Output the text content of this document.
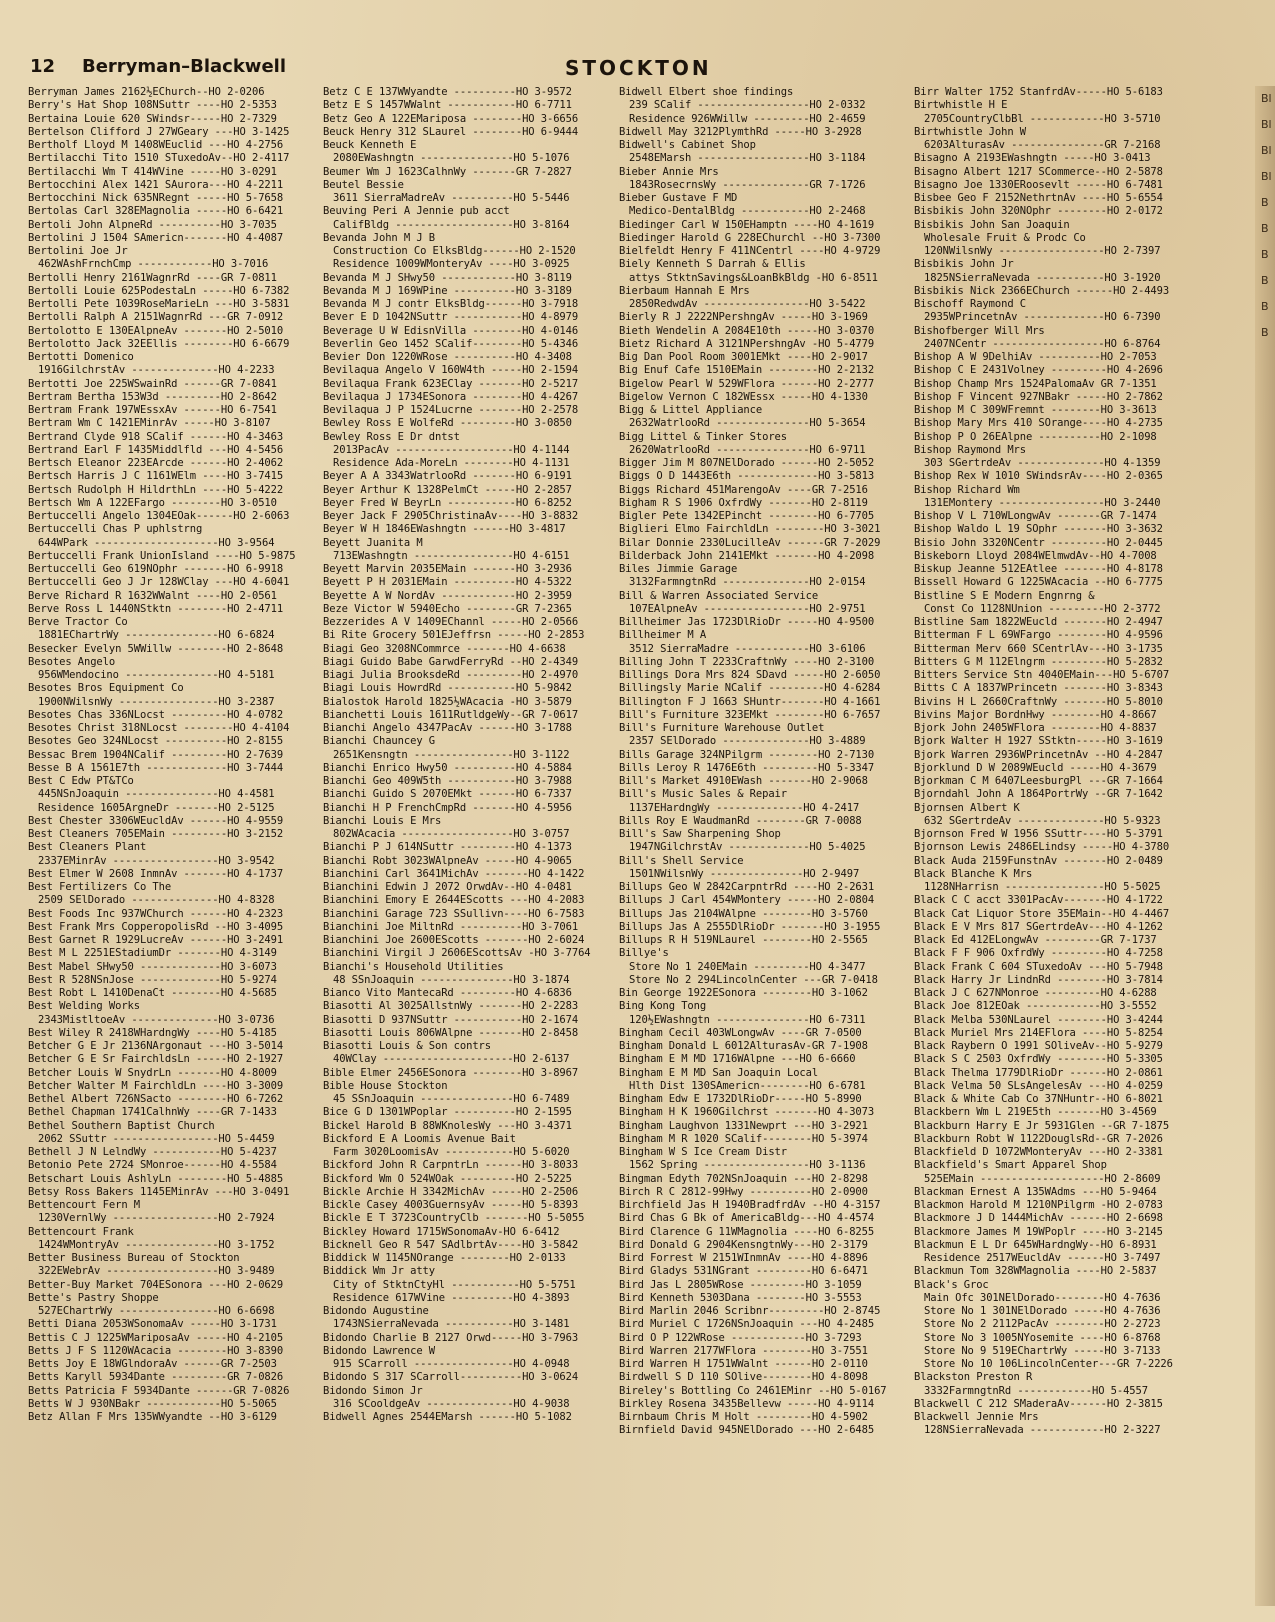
12 Berryman–Blackwell	STOCKTON
Berryman James 2162½EChurch--HO 2-0206
Berry's Hat Shop 108NSuttr ----HO 2-5353
Bertaina Louie 620 SWindsr-----HO 2-7329
Bertelson Clifford J 27WGeary ---HO 3-1425
Bertholf Lloyd M 1408WEuclid ---HO 4-2756
Bertilacchi Tito 1510 STuxedoAv--HO 2-4117
Bertilacchi Wm T 414WVine -----HO 3-0291
Bertocchini Alex 1421 SAurora---HO 4-2211
Bertocchini Nick 635NRegnt -----HO 5-7658
Bertolas Carl 328EMagnolia -----HO 6-6421
Bertoli John AlpneRd ----------HO 3-7035
Bertolini J 1504 SAmericn-------HO 4-4087
Bertolini Joe Jr
462WAshFrnchCmp ------------HO 3-7016
Bertolli Henry 2161WagnrRd ----GR 7-0811
Bertolli Louie 625PodestaLn -----HO 6-7382
Bertolli Pete 1039RoseMarieLn ---HO 3-5831
Bertolli Ralph A 2151WagnrRd ---GR 7-0912
Bertolotto E 130EAlpneAv -------HO 2-5010
Bertolotto Jack 32EEllis --------HO 6-6679
Bertotti Domenico
1916GilchrstAv --------------HO 4-2233
Bertotti Joe 225WSwainRd ------GR 7-0841
Bertram Bertha 153W3d ---------HO 2-8642
Bertram Frank 197WEssxAv ------HO 6-7541
Bertram Wm C 1421EMinrAv -----HO 3-8107
Bertrand Clyde 918 SCalif ------HO 4-3463
Bertrand Earl F 1435Middlfld ---HO 4-5456
Bertsch Eleanor 223EArcde ------HO 2-4062
Bertsch Harris J C 1161WElm ----HO 3-7415
Bertsch Rudolph H HildrthLn ----HO 5-4222
Bertsch Wm A 122EFargo --------HO 3-0510
Bertuccelli Angelo 1304EOak------HO 2-6063
Bertuccelli Chas P uphlstrng
644WPark --------------------HO 3-9564
Bertuccelli Frank UnionIsland ----HO 5-9875
Bertuccelli Geo 619NOphr -------HO 6-9918
Bertuccelli Geo J Jr 128WClay ---HO 4-6041
Berve Richard R 1632WWalnt ----HO 2-0561
Berve Ross L 1440NStktn --------HO 2-4711
Berve Tractor Co
1881EChartrWy ---------------HO 6-6824
Besecker Evelyn 5WWillw --------HO 2-8648
Besotes Angelo
956WMendocino ---------------HO 4-5181
Besotes Bros Equipment Co
1900NWilsnWy ----------------HO 3-2387
Besotes Chas 336NLocst ---------HO 4-0782
Besotes Christ 318NLocst --------HO 4-4104
Besotes Geo 324NLocst ----------HO 2-8155
Bessac Brem 1904NCalif ---------HO 2-7639
Besse B A 1561E7th -------------HO 3-7444
Best C Edw PT&TCo
445NSnJoaquin ---------------HO 4-4581
Residence 1605ArgneDr -------HO 2-5125
Best Chester 3306WEucldAv ------HO 4-9559
Best Cleaners 705EMain ---------HO 3-2152
Best Cleaners Plant
2337EMinrAv -----------------HO 3-9542
Best Elmer W 2608 InmnAv -------HO 4-1737
Best Fertilizers Co The
2509 SElDorado --------------HO 4-8328
Best Foods Inc 937WChurch ------HO 4-2323
Best Frank Mrs CopperopolisRd --HO 3-4095
Best Garnet R 1929LucreAv ------HO 3-2491
Best M L 2251EStadiumDr -------HO 4-3149
Best Mabel SHwy50 -------------HO 3-6073
Best R 528NSnJose -------------HO 5-9274
Best Robt L 1410DenaCt --------HO 4-5685
Best Welding Works
2343MistltoeAv --------------HO 3-0736
Best Wiley R 2418WHardngWy ----HO 5-4185
Betcher G E Jr 2136NArgonaut ---HO 3-5014
Betcher G E Sr FairchldsLn -----HO 2-1927
Betcher Louis W SnydrLn -------HO 4-8009
Betcher Walter M FairchldLn ----HO 3-3009
Bethel Albert 726NSacto --------HO 6-7262
Bethel Chapman 1741CalhnWy ----GR 7-1433
Bethel Southern Baptist Church
2062 SSuttr -----------------HO 5-4459
Bethell J N LelndWy -----------HO 5-4237
Betonio Pete 2724 SMonroe------HO 4-5584
Betschart Louis AshlyLn --------HO 5-4885
Betsy Ross Bakers 1145EMinrAv ---HO 3-0491
Bettencourt Fern M
1230VernlWy -----------------HO 2-7924
Bettencourt Frank
1424WMontryAv ---------------HO 3-1752
Better Business Bureau of Stockton
322EWebrAv ------------------HO 3-9489
Better-Buy Market 704ESonora ---HO 2-0629
Bette's Pastry Shoppe
527EChartrWy ----------------HO 6-6698
Betti Diana 2053WSonomaAv -----HO 3-1731
Bettis C J 1225WMariposaAv -----HO 4-2105
Betts J F S 1120WAcacia --------HO 3-8390
Betts Joy E 18WGlndoraAv ------GR 7-2503
Betts Karyll 5934Dante ---------GR 7-0826
Betts Patricia F 5934Dante ------GR 7-0826
Betts W J 930NBakr ------------HO 5-5065
Betz Allan F Mrs 135WWyandte --HO 3-6129
Betz C E 137WWyandte ----------HO 3-9572
Betz E S 1457WWalnt -----------HO 6-7711
Betz Geo A 122EMariposa --------HO 3-6656
Beuck Henry 312 SLaurel --------HO 6-9444
Beuck Kenneth E
2080EWashngtn ---------------HO 5-1076
Beumer Wm J 1623CalhnWy -------GR 7-2827
Beutel Bessie
3611 SierraMadreAv ----------HO 5-5446
Beuving Peri A Jennie pub acct
CalifBldg -------------------HO 3-8164
Bevanda John M J B
Construction Co ElksBldg------HO 2-1520
Residence 1009WMonteryAv ----HO 3-0925
Bevanda M J SHwy50 ------------HO 3-8119
Bevanda M J 169WPine ----------HO 3-3189
Bevanda M J contr ElksBldg------HO 3-7918
Bever E D 1042NSuttr -----------HO 4-8979
Beverage U W EdisnVilla --------HO 4-0146
Beverlin Geo 1452 SCalif--------HO 5-4346
Bevier Don 1220WRose ----------HO 4-3408
Bevilaqua Angelo V 160W4th -----HO 2-1594
Bevilaqua Frank 623EClay -------HO 2-5217
Bevilaqua J 1734ESonora --------HO 4-4267
Bevilaqua J P 1524Lucrne -------HO 2-2578
Bewley Ross E WolfeRd ---------HO 3-0850
Bewley Ross E Dr dntst
2013PacAv -------------------HO 4-1144
Residence Ada-MoreLn --------HO 4-1131
Beyer A A 3343WatrlooRd -------HO 6-9191
Beyer Arthur K 1328PelmCt -----HO 2-2857
Beyer Fred W BeyrLn -----------HO 6-8252
Beyer Jack F 2905ChristinaAv----HO 3-8832
Beyer W H 1846EWashngtn ------HO 3-4817
Beyett Juanita M
713EWashngtn ----------------HO 4-6151
Beyett Marvin 2035EMain -------HO 3-2936
Beyett P H 2031EMain ----------HO 4-5322
Beyette A W NordAv ------------HO 2-3959
Beze Victor W 5940Echo --------GR 7-2365
Bezzerides A V 1409EChannl -----HO 2-0566
Bi Rite Grocery 501EJeffrsn -----HO 2-2853
Biagi Geo 3208NCommrce -------HO 4-6638
Biagi Guido Babe GarwdFerryRd --HO 2-4349
Biagi Julia BrooksdeRd ---------HO 2-4970
Biagi Louis HowrdRd -----------HO 5-9842
Bialostok Harold 1825½WAcacia -HO 3-5879
Bianchetti Louis 1611RutldgeWy--GR 7-0617
Bianchi Angelo 4347PacAv ------HO 3-1788
Bianchi Chauncey G
2651Kensngtn ----------------HO 3-1122
Bianchi Enrico Hwy50 ----------HO 4-5884
Bianchi Geo 409W5th -----------HO 3-7988
Bianchi Guido S 2070EMkt ------HO 6-7337
Bianchi H P FrenchCmpRd -------HO 4-5956
Bianchi Louis E Mrs
802WAcacia ------------------HO 3-0757
Bianchi P J 614NSuttr ---------HO 4-1373
Bianchi Robt 3023WAlpneAv -----HO 4-9065
Bianchini Carl 3641MichAv -------HO 4-1422
Bianchini Edwin J 2072 OrwdAv--HO 4-0481
Bianchini Emory E 2644EScotts ---HO 4-2083
Bianchini Garage 723 SSullivn----HO 6-7583
Bianchini Joe MiltnRd ----------HO 3-7061
Bianchini Joe 2600EScotts -------HO 2-6024
Bianchini Virgil J 2606EScottsAv -HO 3-7764
Bianchi's Household Utilities
48 SSnJoaquin ---------------HO 3-1874
Bianco Vito ManteсaRd ---------HO 4-6836
Biasotti Al 3025AllstnWy -------HO 2-2283
Biasotti D 937NSuttr -----------HO 2-1674
Biasotti Louis 806WAlpne -------HO 2-8458
Biasotti Louis & Son contrs
40WClay ---------------------HO 2-6137
Bible Elmer 2456ESonora --------HO 3-8967
Bible House Stockton
45 SSnJoaquin ---------------HO 6-7489
Bice G D 1301WPoplar ----------HO 2-1595
Bickel Harold B 88WKnolesWy ---HO 3-4371
Bickford E A Loomis Avenue Bait
Farm 3020LoomisAv -----------HO 5-6020
Bickford John R CarpntrLn ------HO 3-8033
Bickford Wm O 524WOak ---------HO 2-5225
Bickle Archie H 3342MichAv -----HO 2-2506
Bickle Casey 4003GuernsyAv -----HO 5-8393
Bickle E T 3723CountryClb -------HO 5-5055
Bickley Howard 1715WSonomaAv-HO 6-6412
Bicknell Geo R 547 SAdlbrtAv----HO 3-5842
Biddick W 1145NOrange --------HO 2-0133
Biddick Wm Jr atty
City of StktnCtyHl -----------HO 5-5751
Residence 617WVine ----------HO 4-3893
Bidondo Augustine
1743NSierraNevada -----------HO 3-1481
Bidondo Charlie B 2127 Orwd-----HO 3-7963
Bidondo Lawrence W
915 SCarroll ----------------HO 4-0948
Bidondo S 317 SCarroll----------HO 3-0624
Bidondo Simon Jr
316 SCooldgeAv --------------HO 4-9038
Bidwell Agnes 2544EMarsh ------HO 5-1082
Bidwell Elbert shoe findings
239 SCalif ------------------HO 2-0332
Residence 926WWillw ---------HO 2-4659
Bidwell May 3212PlymthRd -----HO 3-2928
Bidwell's Cabinet Shop
2548EMarsh ------------------HO 3-1184
Bieber Annie Mrs
1843RosecrnsWy --------------GR 7-1726
Bieber Gustave F MD
Medico-DentalBldg -----------HO 2-2468
Biedinger Carl W 150EHamptn ----HO 4-1619
Biedinger Harold G 228EChurchl --HO 3-7300
Bielfeldt Henry F 411NCentrl ----HO 4-9729
Biely Kenneth S Darrah & Ellis
attys StktnSavings&LoanBkBldg -HO 6-8511
Bierbaum Hannah E Mrs
2850RedwdAv -----------------HO 3-5422
Bierly R J 2222NPershngAv -----HO 3-1969
Bieth Wendelin A 2084E10th -----HO 3-0370
Bietz Richard A 3121NPershngAv -HO 5-4779
Big Dan Pool Room 3001EMkt ----HO 2-9017
Big Enuf Cafe 1510EMain --------HO 2-2132
Bigelow Pearl W 529WFlora ------HO 2-2777
Bigelow Vernon C 182WEssx -----HO 4-1330
Bigg & Littel Appliance
2632WatrlooRd ---------------HO 5-3654
Bigg Littel & Tinker Stores
2620WatrlooRd ---------------HO 6-9711
Bigger Jim M 807NElDorado ------HO 2-5052
Biggs O D 1443E6th -------------HO 3-5813
Biggs Richard 451MarengoAv ----GR 7-2516
Bigham R S 1906 OxfrdWy -------HO 2-8119
Bigler Pete 1342EPincht --------HO 6-7705
Biglieri Elmo FairchldLn --------HO 3-3021
Bilar Donnie 2330LucilleAv ------GR 7-2029
Bilderback John 2141EMkt -------HO 4-2098
Biles Jimmie Garage
3132FarmngtnRd --------------HO 2-0154
Bill & Warren Associated Service
107EAlpneAv -----------------HO 2-9751
Billheimer Jas 1723DlRioDr -----HO 4-9500
Billheimer M A
3512 SierraMadre ------------HO 3-6106
Billing John T 2233CraftnWy ----HO 2-3100
Billings Dora Mrs 824 SDavd -----HO 2-6050
Billingsly Marie NCalif ---------HO 4-6284
Billington F J 1663 SHuntr-------HO 4-1661
Bill's Furniture 323EMkt --------HO 6-7657
Bill's Furniture Warehouse Outlet
2357 SElDorado --------------HO 3-4889
Bills Garage 324NPilgrm --------HO 2-7130
Bills Leroy R 1476E6th ---------HO 5-3347
Bill's Market 4910EWash -------HO 2-9068
Bill's Music Sales & Repair
1137EHardngWy --------------HO 4-2417
Bills Roy E WaudmanRd --------GR 7-0088
Bill's Saw Sharpening Shop
1947NGilchrstAv -------------HO 5-4025
Bill's Shell Service
1501NWilsnWy ---------------HO 2-9497
Billups Geo W 2842CarpntrRd ----HO 2-2631
Billups J Carl 454WMontery -----HO 2-0804
Billups Jas 2104WAlpne --------HO 3-5760
Billups Jas A 2555DlRioDr -------HO 3-1955
Billups R H 519NLaurel --------HO 2-5565
Billye's
Store No 1 240EMain ---------HO 4-3477
Store No 2 294LincolnCenter ---GR 7-0418
Bin George 1922ESonora --------HO 3-1062
Bing Kong Tong
120½EWashngtn ---------------HO 6-7311
Bingham Cecil 403WLongwAv ----GR 7-0500
Bingham Donald L 6012AlturasAv-GR 7-1908
Bingham E M MD 1716WAlpne ---HO 6-6660
Bingham E M MD San Joaquin Local
Hlth Dist 130SAmericn--------HO 6-6781
Bingham Edw E 1732DlRioDr-----HO 5-8990
Bingham H K 1960Gilchrst -------HO 4-3073
Bingham Laughvon 1331Newprt ---HO 3-2921
Bingham M R 1020 SCalif--------HO 5-3974
Bingham W S Ice Cream Distr
1562 Spring -----------------HO 3-1136
Bingman Edyth 702NSnJoaquin ---HO 2-8298
Birch R C 2812-99Hwy ----------HO 2-0900
Birchfield Jas H 1940BradfrdAv --HO 4-3157
Bird Chas G Bk of AmericaBldg---HO 4-4574
Bird Clarence G 11WMagnolia ----HO 6-8255
Bird Donald G 2904KensngtnWy---HO 2-3179
Bird Forrest W 2151WInmnAv ----HO 4-8896
Bird Gladys 531NGrant ---------HO 6-6471
Bird Jas L 2805WRose ---------HO 3-1059
Bird Kenneth 5303Dana --------HO 3-5553
Bird Marlin 2046 Scribnr---------HO 2-8745
Bird Muriel C 1726NSnJoaquin ---HO 4-2485
Bird O P 122WRose ------------HO 3-7293
Bird Warren 2177WFlora --------HO 3-7551
Bird Warren H 1751WWalnt ------HO 2-0110
Birdwell S D 110 SOlive--------HO 4-8098
Bireley's Bottling Co 2461EMinr --HO 5-0167
Birkley Rosena 3435Bellevw -----HO 4-9114
Birnbaum Chris M Holt ---------HO 4-5902
Birnfield David 945NElDorado ---HO 2-6485
Birr Walter 1752 StanfrdAv-----HO 5-6183
Birtwhistle H E
2705CountryClbBl ------------HO 3-5710
Birtwhistle John W
6203AlturasAv ---------------GR 7-2168
Bisagno A 2193EWashngtn -----HO 3-0413
Bisagno Albert 1217 SCommerce--HO 2-5878
Bisagno Joe 1330ERoosevlt -----HO 6-7481
Bisbee Geo F 2152NethrtnAv ----HO 5-6554
Bisbikis John 320NOphr --------HO 2-0172
Bisbikis John San Joaquin
Wholesale Fruit & Prodc Co
120NWilsnWy -----------------HO 2-7397
Bisbikis John Jr
1825NSierraNevada -----------HO 3-1920
Bisbikis Nick 2366EChurch ------HO 2-4493
Bischoff Raymond C
2935WPrincetnAv -------------HO 6-7390
Bishofberger Will Mrs
2407NCentr ------------------HO 6-8764
Bishop A W 9DelhiAv ----------HO 2-7053
Bishop C E 2431Volney ---------HO 4-2696
Bishop Champ Mrs 1524PalomaAv GR 7-1351
Bishop F Vincent 927NBakr -----HO 2-7862
Bishop M C 309WFremnt --------HO 3-3613
Bishop Mary Mrs 410 SOrange----HO 4-2735
Bishop P O 26EAlpne ----------HO 2-1098
Bishop Raymond Mrs
303 SGertrdeAv --------------HO 4-1359
Bishop Rex W 1010 SWindsrAv----HO 2-0365
Bishop Richard Wm
131EMontery -----------------HO 3-2440
Bishop V L 710WLongwAv -------GR 7-1474
Bishop Waldo L 19 SOphr -------HO 3-3632
Bisio John 3320NCentr ---------HO 2-0445
Biskeborn Lloyd 2084WElmwdAv--HO 4-7008
Biskup Jeanne 512EAtlee -------HO 4-8178
Bissell Howard G 1225WAcacia --HO 6-7775
Bistline S E Modern Engnrng &
Const Co 1128NUnion ---------HO 2-3772
Bistline Sam 1822WEucld -------HO 2-4947
Bitterman F L 69WFargo --------HO 4-9596
Bitterman Merv 660 SCentrlAv---HO 3-1735
Bitters G M 112Elngrm ---------HO 5-2832
Bitters Service Stn 4040EMain---HO 5-6707
Bitts C A 1837WPrincetn -------HO 3-8343
Bivins H L 2660CraftnWy -------HO 5-8010
Bivins Major BordnHwy --------HO 4-8667
Bjork John 2405WFlora --------HO 4-8837
Bjork Walter H 1927 SStktn-----HO 3-1619
Bjork Warren 2936WPrincetnAv --HO 4-2847
Bjorklund D W 2089WEucld -----HO 4-3679
Bjorkman C M 6407LeesburgPl ---GR 7-1664
Bjorndahl John A 1864PortrWy --GR 7-1642
Bjornsen Albert K
632 SGertrdeAv --------------HO 5-9323
Bjornson Fred W 1956 SSuttr----HO 5-3791
Bjornson Lewis 2486ELindsy -----HO 4-3780
Black Auda 2159FunstnAv -------HO 2-0489
Black Blanche K Mrs
1128NHarrisn ----------------HO 5-5025
Black C C acct 3301PacAv-------HO 4-1722
Black Cat Liquor Store 35EMain--HO 4-4467
Black E V Mrs 817 SGertrdeAv---HO 4-1262
Black Ed 412ELongwAv ---------GR 7-1737
Black F F 906 OxfrdWy ---------HO 4-7258
Black Frank C 604 STuxedoAv ---HO 5-7948
Black Harry Jr LindnRd --------HO 3-7814
Black J C 627NMonroe ---------HO 4-6288
Black Joe 812EOak ------------HO 3-5552
Black Melba 530NLaurel --------HO 3-4244
Black Muriel Mrs 214EFlora ----HO 5-8254
Black Raybern O 1991 SOliveAv--HO 5-9279
Black S C 2503 OxfrdWy --------HO 5-3305
Black Thelma 1779DlRioDr ------HO 2-0861
Black Velma 50 SLsAngelesAv ---HO 4-0259
Black & White Cab Co 37NHuntr--HO 6-8021
Blackbern Wm L 219E5th -------HO 3-4569
Blackburn Harry E Jr 5931Glen --GR 7-1875
Blackburn Robt W 1122DouglsRd--GR 7-2026
Blackfield D 1072WMonteryAv ---HO 2-3381
Blackfield's Smart Apparel Shop
525EMain --------------------HO 2-8609
Blackman Ernest A 135WAdms ---HO 5-9464
Blackmon Harold M 1210NPilgrm -HO 2-0783
Blackmore J D 1444MichAv ------HO 2-6698
Blackmore James M 19WPoplr ----HO 3-2145
Blackmun E L Dr 645WHardngWy--HO 6-8931
Residence 2517WEucldAv ------HO 3-7497
Blackmun Tom 328WMagnolia ----HO 2-5837
Black's Groc
Main Ofc 301NElDorado--------HO 4-7636
Store No 1 301NElDorado -----HO 4-7636
Store No 2 2112PacAv --------HO 2-2723
Store No 3 1005NYosemite ----HO 6-8768
Store No 9 519EChartrWy -----HO 3-7133
Store No 10 106LincolnCenter---GR 7-2226
Blackston Preston R
3332FarmngtnRd ------------HO 5-4557
Blackwell C 212 SMaderaAv------HO 2-3815
Blackwell Jennie Mrs
128NSierraNevada ------------HO 2-3227
Bl
Bl
Bl
Bl
B
B
B
B
B
B
